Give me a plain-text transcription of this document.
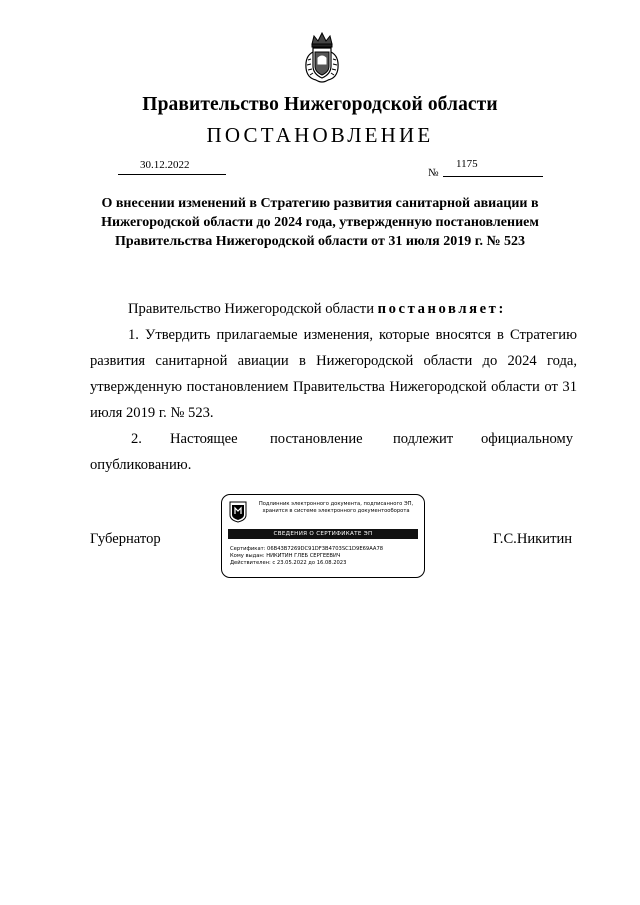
Правительство Нижегородской области
ПОСТАНОВЛЕНИЕ
30.12.2022
№
1175
О внесении изменений в Стратегию развития санитарной авиации в Нижегородской области до 2024 года, утвержденную постановлением Правительства Нижегородской области от 31 июля 2019 г. № 523
Правительство Нижегородской области постановляет:
1. Утвердить прилагаемые изменения, которые вносятся в Стратегию развития санитарной авиации в Нижегородской области до 2024 года, утвержденную постановлением Правительства Нижегородской области от 31 июля 2019 г. № 523.
2. Настоящее постановление подлежит официальному
опубликованию.
Губернатор	Г.С.Никитин
Подлинник электронного документа, подписанного ЭП,
хранится в системе электронного документооборота
СВЕДЕНИЯ О СЕРТИФИКАТЕ ЭП
Сертификат: 06B43B7269DC91DF3B4703SC1D9E69AA78
Кому выдан: НИКИТИН ГЛЕБ СЕРГЕЕВИЧ
Действителен: с 23.05.2022 до 16.08.2023
